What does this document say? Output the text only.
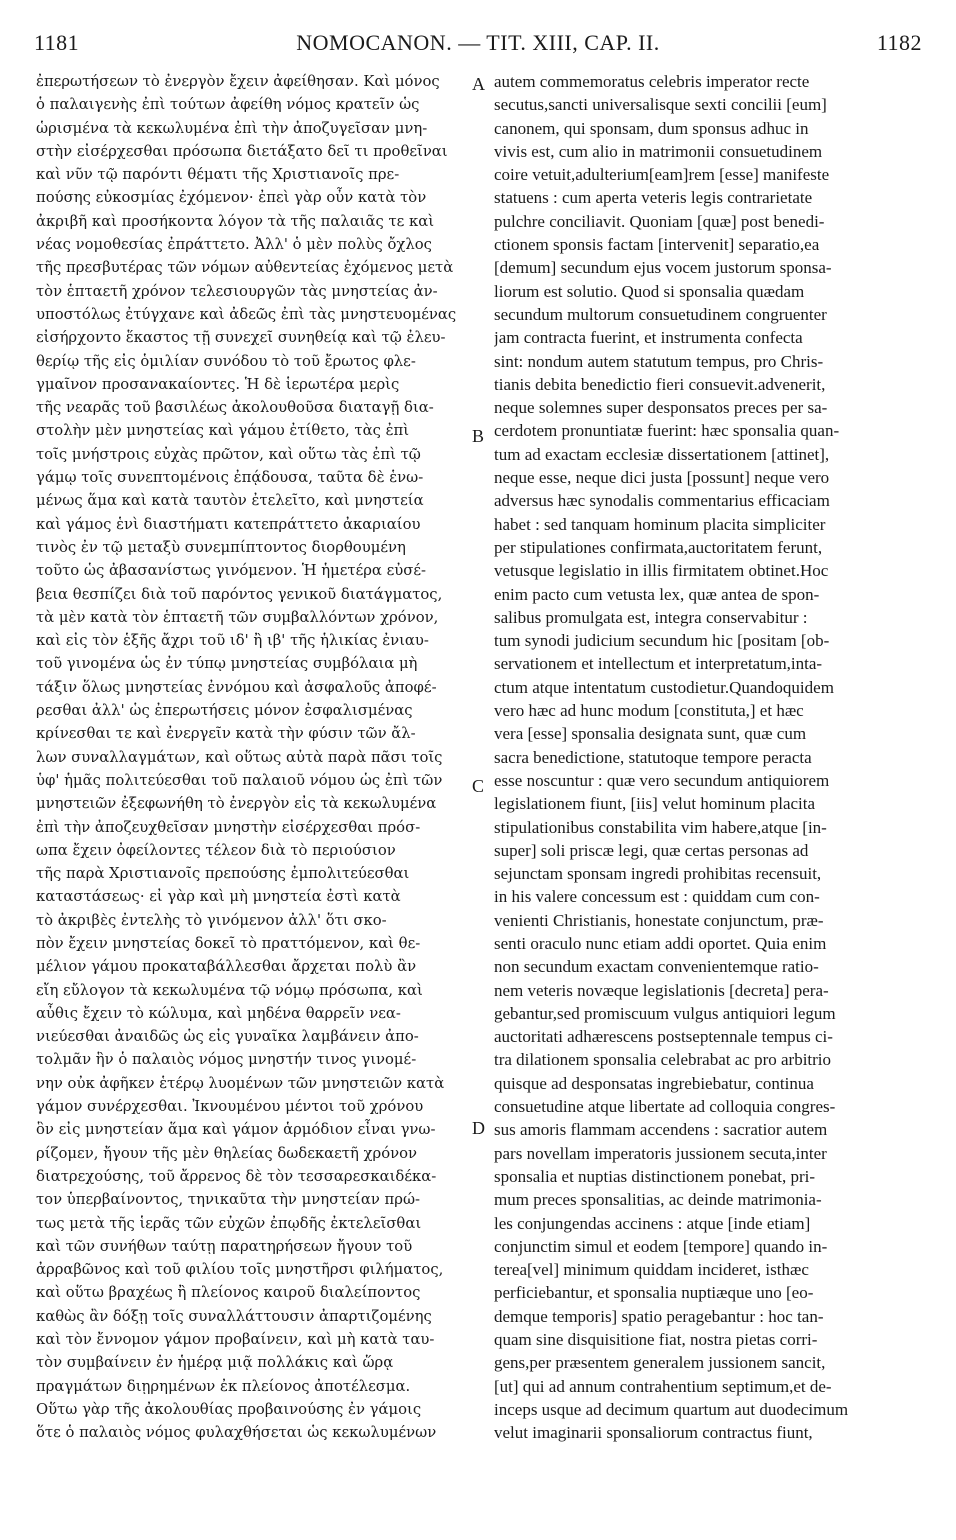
1181	NOMOCANON. — TIT. XIII, CAP. II.	1182
ἐπερωτήσεων τὸ ἐνεργὸν ἔχειν ἀφείθησαν. Καὶ μόνος
ὁ παλαιγενὴς ἐπὶ τούτων ἀφείθη νόμος κρατεῖν ὡς
ὡρισμένα τὰ κεκωλυμένα ἐπὶ τὴν ἀποζυγεῖσαν μνη-
στὴν εἰσέρχεσθαι πρόσωπα διετάξατο δεῖ τι προθεῖναι
καὶ νῦν τῷ παρόντι θέματι τῆς Χριστιανοῖς πρε-
πούσης εὐκοσμίας ἐχόμενον· ἐπεὶ γὰρ οὖν κατὰ τὸν
ἀκριβῆ καὶ προσήκοντα λόγον τὰ τῆς παλαιᾶς τε καὶ
νέας νομοθεσίας ἐπράττετο. Ἀλλ' ὁ μὲν πολὺς ὄχλος
τῆς πρεσβυτέρας τῶν νόμων αὐθεντείας ἐχόμενος μετὰ
τὸν ἑπταετῆ χρόνον τελεσιουργῶν τὰς μνηστείας ἀν-
υποστόλως ἐτύγχανε καὶ ἀδεῶς ἐπὶ τὰς μνηστευομένας
εἰσήρχοντο ἕκαστος τῇ συνεχεῖ συνηθείᾳ καὶ τῷ ἐλευ-
θερίῳ τῆς εἰς ὁμιλίαν συνόδου τὸ τοῦ ἔρωτος φλε-
γμαῖνον προσανακαίοντες. Ἡ δὲ ἱερωτέρα μερὶς
τῆς νεαρᾶς τοῦ βασιλέως ἀκολουθοῦσα διαταγῇ δια-
στολὴν μὲν μνηστείας καὶ γάμου ἐτίθετο, τὰς ἐπὶ
τοῖς μνήστροις εὐχὰς πρῶτον, καὶ οὕτω τὰς ἐπὶ τῷ
γάμῳ τοῖς συνεπτομένοις ἐπᾴδουσα, ταῦτα δὲ ἑνω-
μένως ἅμα καὶ κατὰ ταυτὸν ἐτελεῖτο, καὶ μνηστεία
καὶ γάμος ἑνὶ διαστήματι κατεπράττετο ἀκαριαίου
τινὸς ἐν τῷ μεταξὺ συνεμπίπτοντος διορθουμένη
τοῦτο ὡς ἀβασανίστως γινόμενον. Ἡ ἡμετέρα εὐσέ-
βεια θεσπίζει διὰ τοῦ παρόντος γενικοῦ διατάγματος,
τὰ μὲν κατὰ τὸν ἑπταετῆ τῶν συμβαλλόντων χρόνον,
καὶ εἰς τὸν ἑξῆς ἄχρι τοῦ ιδ' ἢ ιβ' τῆς ἡλικίας ἐνιαυ-
τοῦ γινομένα ὡς ἐν τύπῳ μνηστείας συμβόλαια μὴ
τάξιν ὅλως μνηστείας ἐννόμου καὶ ἀσφαλοῦς ἀποφέ-
ρεσθαι ἀλλ' ὡς ἐπερωτήσεις μόνον ἐσφαλισμένας
κρίνεσθαι τε καὶ ἐνεργεῖν κατὰ τὴν φύσιν τῶν ἄλ-
λων συναλλαγμάτων, καὶ οὕτως αὐτὰ παρὰ πᾶσι τοῖς
ὑφ' ἡμᾶς πολιτεύεσθαι τοῦ παλαιοῦ νόμου ὡς ἐπὶ τῶν
μνηστειῶν ἐξεφωνήθη τὸ ἐνεργὸν εἰς τὰ κεκωλυμένα
ἐπὶ τὴν ἀποζευχθεῖσαν μνηστὴν εἰσέρχεσθαι πρόσ-
ωπα ἔχειν ὀφείλοντες τέλεον διὰ τὸ περιούσιον
τῆς παρὰ Χριστιανοῖς πρεπούσης ἐμπολιτεύεσθαι
καταστάσεως· εἰ γὰρ καὶ μὴ μνηστεία ἐστὶ κατὰ
τὸ ἀκριβὲς ἐντελὴς τὸ γινόμενον ἀλλ' ὅτι σκο-
πὸν ἔχειν μνηστείας δοκεῖ τὸ πραττόμενον, καὶ θε-
μέλιον γάμου προκαταβάλλεσθαι ἄρχεται πολὺ ἂν
εἴη εὔλογον τὰ κεκωλυμένα τῷ νόμῳ πρόσωπα, καὶ
αὖθις ἔχειν τὸ κώλυμα, καὶ μηδένα θαρρεῖν νεα-
νιεύεσθαι ἀναιδῶς ὡς εἰς γυναῖκα λαμβάνειν ἀπο-
τολμᾶν ἣν ὁ παλαιὸς νόμος μνηστήν τινος γινομέ-
νην οὐκ ἀφῆκεν ἑτέρῳ λυομένων τῶν μνηστειῶν κατὰ
γάμον συνέρχεσθαι. Ἰκνουμένου μέντοι τοῦ χρόνου
ὃν εἰς μνηστείαν ἅμα καὶ γάμον ἁρμόδιον εἶναι γνω-
ρίζομεν, ἤγουν τῆς μὲν θηλείας δωδεκαετῆ χρόνον
διατρεχούσης, τοῦ ἄρρενος δὲ τὸν τεσσαρεσκαιδέκα-
τον ὑπερβαίνοντος, τηνικαῦτα τὴν μνηστείαν πρώ-
τως μετὰ τῆς ἱερᾶς τῶν εὐχῶν ἐπῳδῆς ἐκτελεῖσθαι
καὶ τῶν συνήθων ταύτῃ παρατηρήσεων ἤγουν τοῦ
ἀρραβῶνος καὶ τοῦ φιλίου τοῖς μνηστῆρσι φιλήματος,
καὶ οὕτω βραχέως ἢ πλείονος καιροῦ διαλείποντος
καθὼς ἂν δόξῃ τοῖς συναλλάττουσιν ἀπαρτιζομένης
καὶ τὸν ἔννομον γάμον προβαίνειν, καὶ μὴ κατὰ ταυ-
τὸν συμβαίνειν ἐν ἡμέρᾳ μιᾷ πολλάκις καὶ ὥρᾳ
πραγμάτων διῃρημένων ἐκ πλείονος ἀποτέλεσμα.
Οὕτω γὰρ τῆς ἀκολουθίας προβαινούσης ἐν γάμοις
ὅτε ὁ παλαιὸς νόμος φυλαχθήσεται ὡς κεκωλυμένων
autem commemoratus celebris imperator recte
secutus,sancti universalisque sexti concilii [eum]
canonem, qui sponsam, dum sponsus adhuc in
vivis est, cum alio in matrimonii consuetudinem
coire vetuit,adulterium[eam]rem [esse] manifeste
statuens : cum aperta veteris legis contrarietate
pulchre conciliavit. Quoniam [quæ] post benedi-
ctionem sponsis factam [intervenit] separatio,ea
[demum] secundum ejus vocem justorum sponsa-
liorum est solutio. Quod si sponsalia quædam
secundum multorum consuetudinem congruenter
jam contracta fuerint, et instrumenta confecta
sint: nondum autem statutum tempus, pro Chris-
tianis debita benedictio fieri consuevit.advenerit,
neque solemnes super desponsatos preces per sa-
cerdotem pronuntiatæ fuerint: hæc sponsalia quan-
tum ad exactam ecclesiæ dissertationem [attinet],
neque esse, neque dici justa [possunt] neque vero
adversus hæc synodalis commentarius efficaciam
habet : sed tanquam hominum placita simpliciter
per stipulationes confirmata,auctoritatem ferunt,
vetusque legislatio in illis firmitatem obtinet.Hoc
enim pacto cum vetusta lex, quæ antea de spon-
salibus promulgata est, integra conservabitur :
tum synodi judicium secundum hic [positam [ob-
servationem et intellectum et interpretatum,inta-
ctum atque intentatum custodietur.Quandoquidem
vero hæc ad hunc modum [constituta,] et hæc
vera [esse] sponsalia designata sunt, quæ cum
sacra benedictione, statutoque tempore peracta
esse noscuntur : quæ vero secundum antiquiorem
legislationem fiunt, [iis] velut hominum placita
stipulationibus constabilita vim habere,atque [in-
super] soli priscæ legi, quæ certas personas ad
sejunctam sponsam ingredi prohibitas recensuit,
in his valere concessum est : quiddam cum con-
venienti Christianis, honestate conjunctum, præ-
senti oraculo nunc etiam addi oportet. Quia enim
non secundum exactam convenientemque ratio-
nem veteris novæque legislationis [decreta] pera-
gebantur,sed promiscuum vulgus antiquiori legum
auctoritati adhærescens postseptennale tempus ci-
tra dilationem sponsalia celebrabat ac pro arbitrio
quisque ad desponsatas ingrebiebatur, continua
consuetudine atque libertate ad colloquia congres-
sus amoris flammam accendens : sacratior autem
pars novellam imperatoris jussionem secuta,inter
sponsalia et nuptias distinctionem ponebat, pri-
mum preces sponsalitias, ac deinde matrimonia-
les conjungendas accinens : atque [inde etiam]
conjunctim simul et eodem [tempore] quando in-
terea[vel] minimum quiddam incideret, isthæc
perficiebantur, et sponsalia nuptiæque uno [eo-
demque temporis] spatio peragebantur : hoc tan-
quam sine disquisitione fiat, nostra pietas corri-
gens,per præsentem generalem jussionem sancit,
[ut] qui ad annum contrahentium septimum,et de-
inceps usque ad decimum quartum aut duodecimum
velut imaginarii sponsaliorum contractus fiunt,
A
B
C
D
